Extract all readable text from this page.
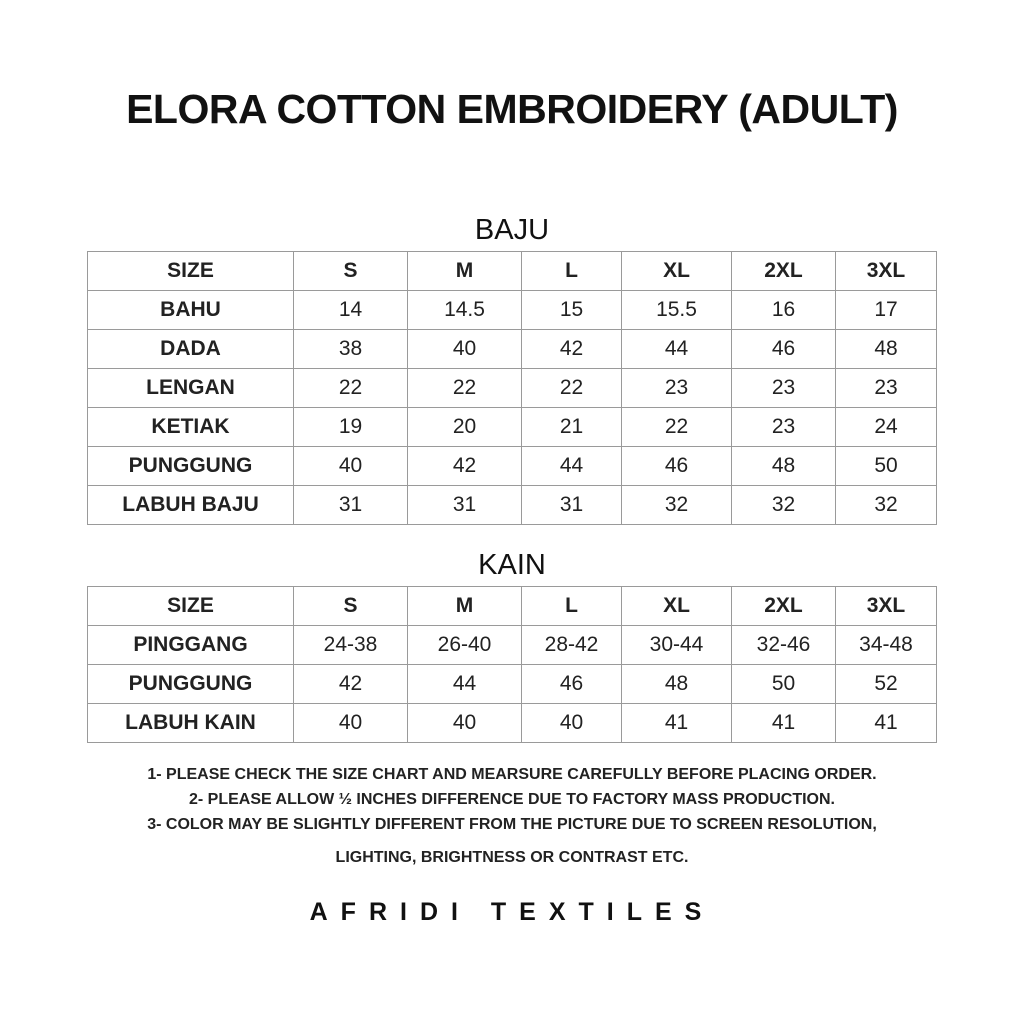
ELORA COTTON EMBROIDERY (ADULT)
BAJU
SIZE	S	M	L	XL	2XL	3XL
BAHU	14	14.5	15	15.5	16	17
DADA	38	40	42	44	46	48
LENGAN	22	22	22	23	23	23
KETIAK	19	20	21	22	23	24
PUNGGUNG	40	42	44	46	48	50
LABUH BAJU	31	31	31	32	32	32
KAIN
SIZE	S	M	L	XL	2XL	3XL
PINGGANG	24-38	26-40	28-42	30-44	32-46	34-48
PUNGGUNG	42	44	46	48	50	52
LABUH KAIN	40	40	40	41	41	41
1- PLEASE CHECK THE SIZE CHART AND MEARSURE CAREFULLY BEFORE PLACING ORDER.
2- PLEASE ALLOW ½ INCHES DIFFERENCE DUE TO FACTORY MASS PRODUCTION.
3- COLOR MAY BE SLIGHTLY DIFFERENT FROM THE PICTURE DUE TO SCREEN RESOLUTION,
LIGHTING, BRIGHTNESS OR CONTRAST ETC.
AFRIDI TEXTILES
